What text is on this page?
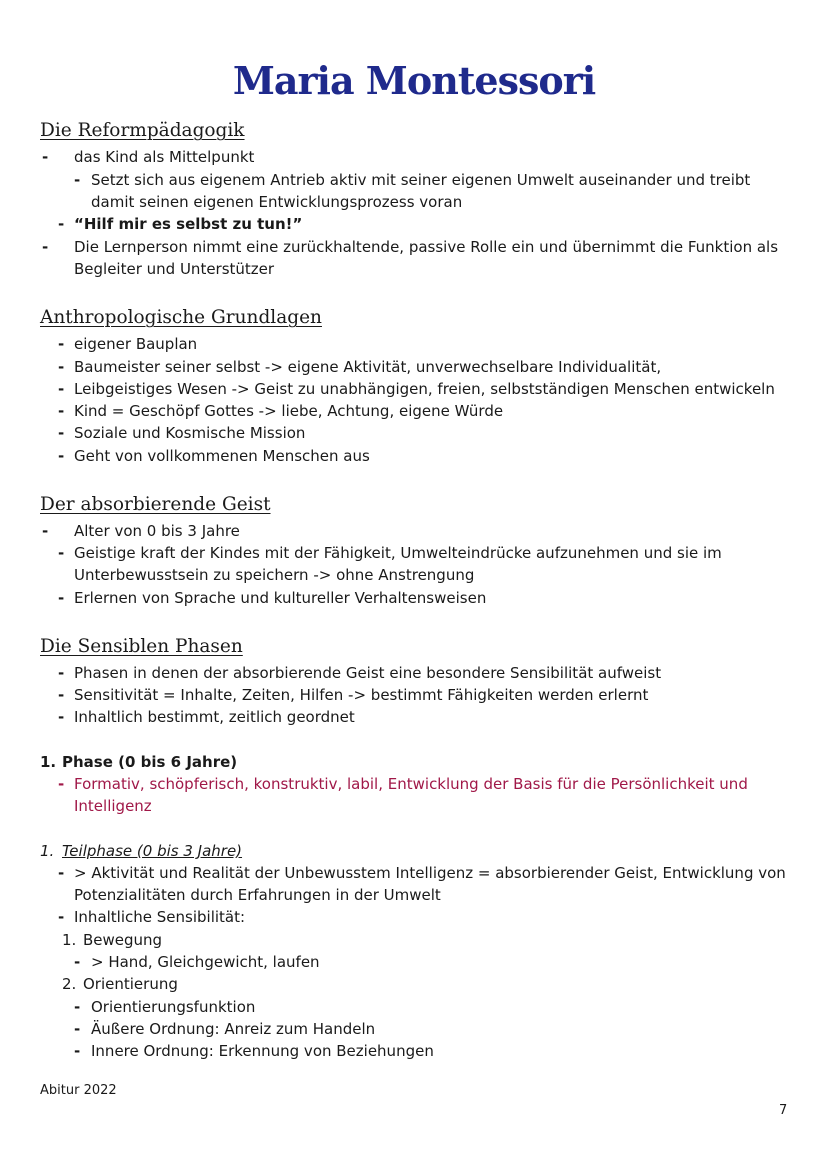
Maria Montessori
Die Reformpädagogik
- das Kind als Mittelpunkt
- Setzt sich aus eigenem Antrieb aktiv mit seiner eigenen Umwelt auseinander und treibt
damit seinen eigenen Entwicklungsprozess voran
- “Hilf mir es selbst zu tun!”
- Die Lernperson nimmt eine zurückhaltende, passive Rolle ein und übernimmt die Funktion als
Begleiter und Unterstützer
Anthropologische Grundlagen
- eigener Bauplan
- Baumeister seiner selbst -> eigene Aktivität, unverwechselbare Individualität,
- Leibgeistiges Wesen -> Geist zu unabhängigen, freien, selbstständigen Menschen entwickeln
- Kind = Geschöpf Gottes -> liebe, Achtung, eigene Würde
- Soziale und Kosmische Mission
- Geht von vollkommenen Menschen aus
Der absorbierende Geist
- Alter von 0 bis 3 Jahre
- Geistige kraft der Kindes mit der Fähigkeit, Umwelteindrücke aufzunehmen und sie im
Unterbewusstsein zu speichern -> ohne Anstrengung
- Erlernen von Sprache und kultureller Verhaltensweisen
Die Sensiblen Phasen
- Phasen in denen der absorbierende Geist eine besondere Sensibilität aufweist
- Sensitivität = Inhalte, Zeiten, Hilfen -> bestimmt Fähigkeiten werden erlernt
- Inhaltlich bestimmt, zeitlich geordnet
1. Phase (0 bis 6 Jahre)
- Formativ, schöpferisch, konstruktiv, labil, Entwicklung der Basis für die Persönlichkeit und
Intelligenz
1. Teilphase (0 bis 3 Jahre)
- > Aktivität und Realität der Unbewusstem Intelligenz = absorbierender Geist, Entwicklung von
Potenzialitäten durch Erfahrungen in der Umwelt
- Inhaltliche Sensibilität:
1. Bewegung
- > Hand, Gleichgewicht, laufen
2. Orientierung
- Orientierungsfunktion
- Äußere Ordnung: Anreiz zum Handeln
- Innere Ordnung: Erkennung von Beziehungen
Abitur 2022
7
